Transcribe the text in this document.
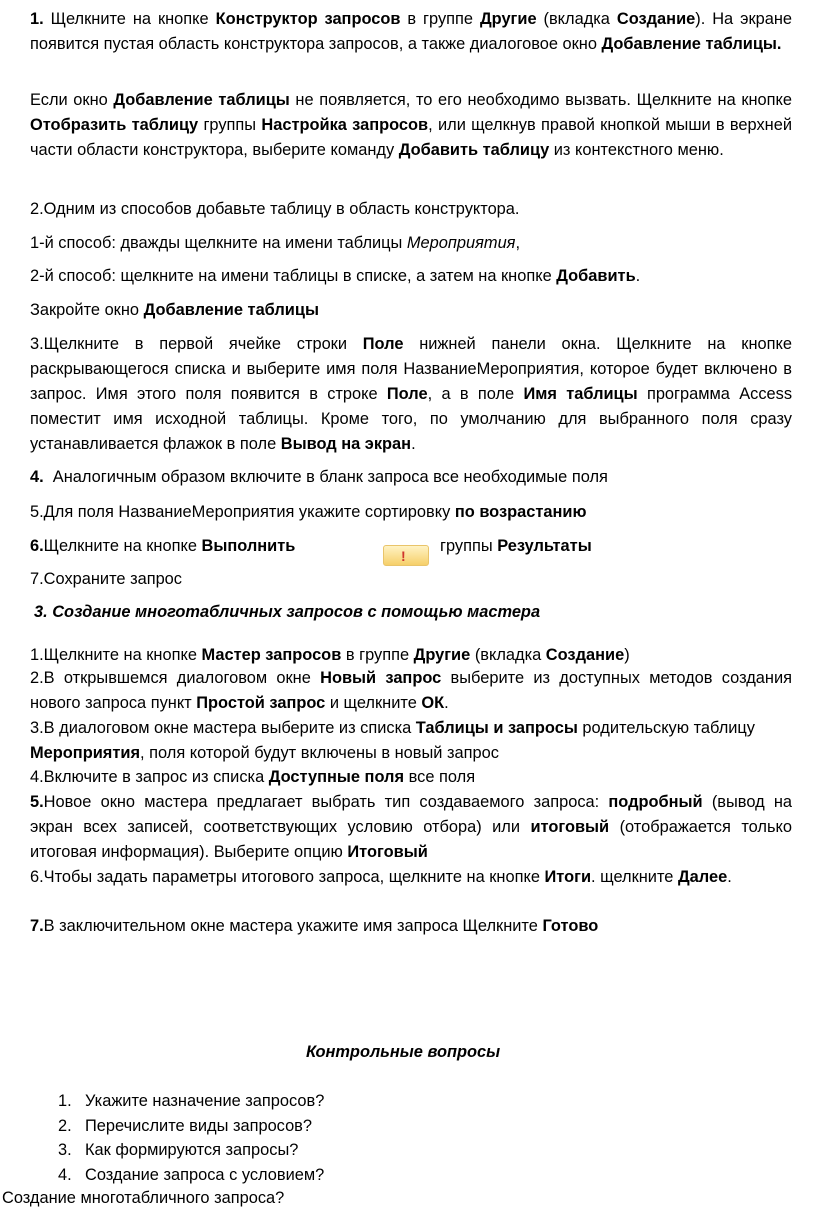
1. Щелкните на кнопке Конструктор запросов в группе Другие (вкладка Создание). На экране появится пустая область конструктора запросов, а также диалоговое окно Добавление таблицы.

Если окно Добавление таблицы не появляется, то его необходимо вызвать. Щелкните на кнопке Отобразить таблицу группы Настройка запросов, или щелкнув правой кнопкой мыши в верхней части области конструктора, выберите команду Добавить таблицу из контекстного меню.

2.Одним из способов добавьте таблицу в область конструктора.

1-й способ: дважды щелкните на имени таблицы Мероприятия,

2-й способ: щелкните на имени таблицы в списке, а затем на кнопке Добавить.

Закройте окно Добавление таблицы

3.Щелкните в первой ячейке строки Поле нижней панели окна. Щелкните на кнопке раскрывающегося списка и выберите имя поля НазваниеМероприятия, которое будет включено в запрос. Имя этого поля появится в строке Поле, а в поле Имя таблицы программа Access поместит имя исходной таблицы. Кроме того, по умолчанию для выбранного поля сразу устанавливается флажок в поле Вывод на экран.

4. Аналогичным образом включите в бланк запроса все необходимые поля

5.Для поля НазваниеМероприятия укажите сортировку по возрастанию

6.Щелкните на кнопке Выполнить	группы Результаты

!

7.Сохраните запрос

3. Создание многотабличных запросов с помощью мастера

1.Щелкните на кнопке Мастер запросов в группе Другие (вкладка Создание)

2.В открывшемся диалоговом окне Новый запрос выберите из доступных методов создания нового запроса пункт Простой запрос и щелкните ОК.

3.В диалоговом окне мастера выберите из списка Таблицы и запросы родительскую таблицу Мероприятия, поля которой будут включены в новый запрос

4.Включите в запрос из списка Доступные поля все поля

5.Новое окно мастера предлагает выбрать тип создаваемого запроса: подробный (вывод на экран всех записей, соответствующих условию отбора) или итоговый (отображается только итоговая информация). Выберите опцию Итоговый

6.Чтобы задать параметры итогового запроса, щелкните на кнопке Итоги. щелкните Далее.

7.В заключительном окне мастера укажите имя запроса Щелкните Готово

Контрольные вопросы

1. Укажите назначение запросов?
2. Перечислите виды запросов?
3. Как формируются запросы?
4. Создание запроса с условием?

Создание многотабличного запроса?
